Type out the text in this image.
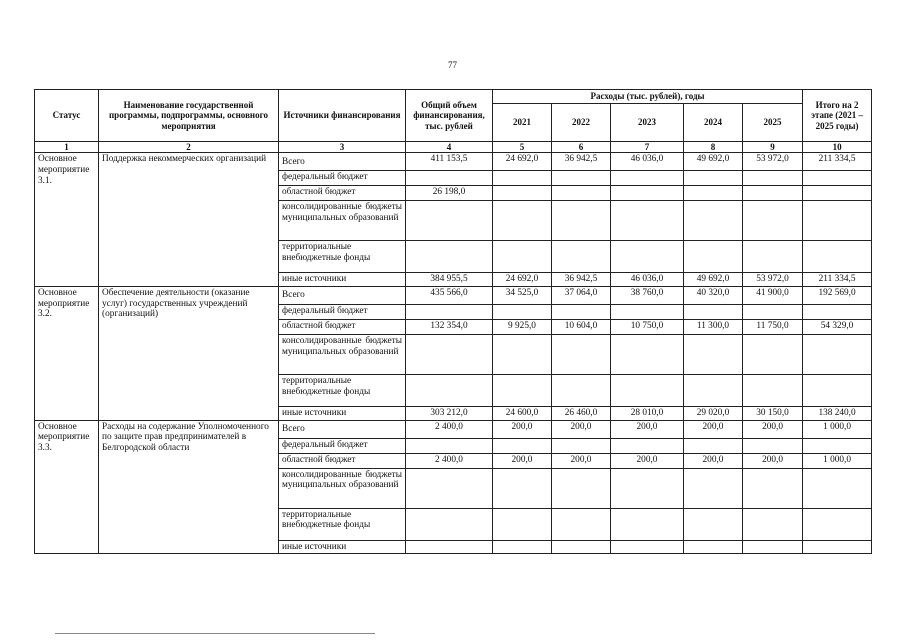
77
Статус	Наименование государственной программы, подпрограммы, основного мероприятия	Источники финансирования	Общий объем финансирования, тыс. рублей	Расходы (тыс. рублей), годы					Итого на 2 этапе (2021 – 2025 годы)
				2021	2022	2023	2024	2025	
1	2	3	4	5	6	7	8	9	10
Основное мероприятие 3.1.	Поддержка некоммерческих организаций	Всего	411 153,5	24 692,0	36 942,5	46 036,0	49 692,0	53 972,0	211 334,5
		федеральный бюджет							
		областной бюджет	26 198,0						
		консолидированные бюджеты муниципальных образований							
		территориальные внебюджетные фонды							
		иные источники	384 955,5	24 692,0	36 942,5	46 036,0	49 692,0	53 972,0	211 334,5
Основное мероприятие 3.2.	Обеспечение деятельности (оказание услуг) государственных учреждений (организаций)	Всего	435 566,0	34 525,0	37 064,0	38 760,0	40 320,0	41 900,0	192 569,0
		федеральный бюджет							
		областной бюджет	132 354,0	9 925,0	10 604,0	10 750,0	11 300,0	11 750,0	54 329,0
		консолидированные бюджеты муниципальных образований							
		территориальные внебюджетные фонды							
		иные источники	303 212,0	24 600,0	26 460,0	28 010,0	29 020,0	30 150,0	138 240,0
Основное мероприятие 3.3.	Расходы на содержание Уполномоченного по защите прав предпринимателей в Белгородской области	Всего	2 400,0	200,0	200,0	200,0	200,0	200,0	1 000,0
		федеральный бюджет							
		областной бюджет	2 400,0	200,0	200,0	200,0	200,0	200,0	1 000,0
		консолидированные бюджеты муниципальных образований							
		территориальные внебюджетные фонды							
		иные источники							
